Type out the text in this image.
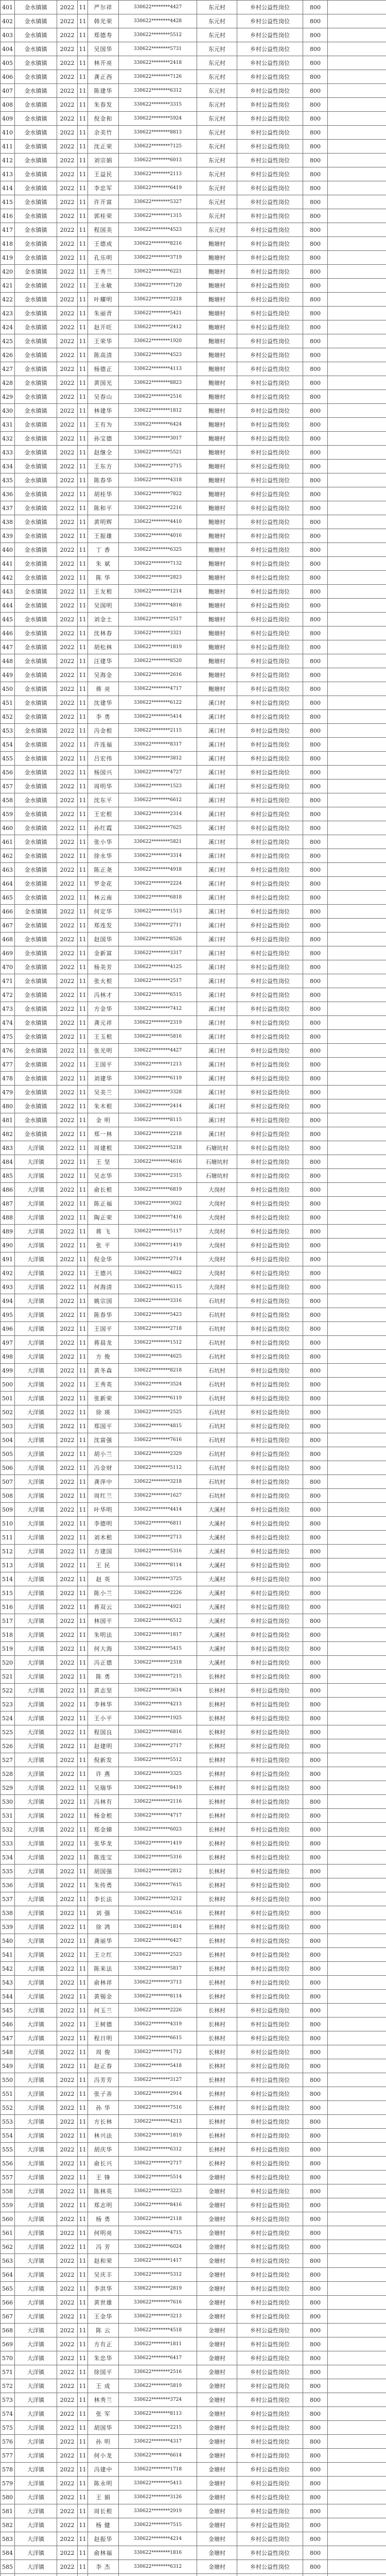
401	金水镇镇	2022	11	严尔祥	330622********4427	东元村	乡村公益性岗位	800	
402	金水镇镇	2022	11	韩光荣	330622********4428	东元村	乡村公益性岗位	800	
403	金水镇镇	2022	11	郑德寿	330622********5512	东元村	乡村公益性岗位	800	
404	金水镇镇	2022	11	吴国华	330622********5731	东元村	乡村公益性岗位	800	
405	金水镇镇	2022	11	林开亮	330622********2418	东元村	乡村公益性岗位	800	
406	金水镇镇	2022	11	龚正西	330622********7126	东元村	乡村公益性岗位	800	
407	金水镇镇	2022	11	陈建华	330622********6312	东元村	乡村公益性岗位	800	
408	金水镇镇	2022	11	朱春发	330622********3315	东元村	乡村公益性岗位	800	
409	金水镇镇	2022	11	倪金和	330622********5924	东元村	乡村公益性岗位	800	
410	金水镇镇	2022	11	余美竹	330622********8813	东元村	乡村公益性岗位	800	
411	金水镇镇	2022	11	沈正荣	330622********7125	东元村	乡村公益性岗位	800	
412	金水镇镇	2022	11	刘宗娟	330622********6013	东元村	乡村公益性岗位	800	
413	金水镇镇	2022	11	王益民	330622********2113	东元村	乡村公益性岗位	800	
414	金水镇镇	2022	11	李忠军	330622********6419	东元村	乡村公益性岗位	800	
415	金水镇镇	2022	11	许开富	330622********5327	东元村	乡村公益性岗位	800	
416	金水镇镇	2022	11	郭桂荣	330622********1315	东元村	乡村公益性岗位	800	
417	金水镇镇	2022	11	程国美	330622********4523	东元村	乡村公益性岗位	800	
418	金水镇镇	2022	11	王德成	330622********8216	鲍塘村	乡村公益性岗位	800	
419	金水镇镇	2022	11	孔乐明	330622********3719	鲍塘村	乡村公益性岗位	800	
420	金水镇镇	2022	11	王秀兰	330622********6221	鲍塘村	乡村公益性岗位	800	
421	金水镇镇	2022	11	王永敏	330622********7120	鲍塘村	乡村公益性岗位	800	
422	金水镇镇	2022	11	叶耀明	330622********2218	鲍塘村	乡村公益性岗位	800	
423	金水镇镇	2022	11	朱丽青	330622********5421	鲍塘村	乡村公益性岗位	800	
424	金水镇镇	2022	11	赵开旺	330622********2412	鲍塘村	乡村公益性岗位	800	
425	金水镇镇	2022	11	王荣华	330622********1920	鲍塘村	乡村公益性岗位	800	
426	金水镇镇	2022	11	陈高清	330622********4523	鲍塘村	乡村公益性岗位	800	
427	金水镇镇	2022	11	杨德正	330622********4113	鲍塘村	乡村公益性岗位	800	
428	金水镇镇	2022	11	黄国光	330622********8823	鲍塘村	乡村公益性岗位	800	
429	金水镇镇	2022	11	吴春山	330622********2516	鲍塘村	乡村公益性岗位	800	
430	金水镇镇	2022	11	林建华	330622********1812	鲍塘村	乡村公益性岗位	800	
431	金水镇镇	2022	11	王有为	330622********6424	鲍塘村	乡村公益性岗位	800	
432	金水镇镇	2022	11	孙宝德	330622********3017	鲍塘村	乡村公益性岗位	800	
433	金水镇镇	2022	11	赵继全	330622********5521	鲍塘村	乡村公益性岗位	800	
434	金水镇镇	2022	11	王东方	330622********2715	鲍塘村	乡村公益性岗位	800	
435	金水镇镇	2022	11	陈春华	330622********4318	鲍塘村	乡村公益性岗位	800	
436	金水镇镇	2022	11	胡桂华	330622********7822	鲍塘村	乡村公益性岗位	800	
437	金水镇镇	2022	11	陈和平	330622********2216	鲍塘村	乡村公益性岗位	800	
438	金水镇镇	2022	11	黄明辉	330622********4410	鲍塘村	乡村公益性岗位	800	
439	金水镇镇	2022	11	王振雄	330622********4016	鲍塘村	乡村公益性岗位	800	
440	金水镇镇	2022	11	丁 香	330622********6325	鲍塘村	乡村公益性岗位	800	
441	金水镇镇	2022	11	朱 斌	330622********7132	鲍塘村	乡村公益性岗位	800	
442	金水镇镇	2022	11	陈 华	330622********2823	鲍塘村	乡村公益性岗位	800	
443	金水镇镇	2022	11	王友根	330622********1214	鲍塘村	乡村公益性岗位	800	
444	金水镇镇	2022	11	吴国明	330622********4816	鲍塘村	乡村公益性岗位	800	
445	金水镇镇	2022	11	刘金土	330622********2517	鲍塘村	乡村公益性岗位	800	
446	金水镇镇	2022	11	沈林春	330622********3321	鲍塘村	乡村公益性岗位	800	
447	金水镇镇	2022	11	胡松林	330622********1819	鲍塘村	乡村公益性岗位	800	
448	金水镇镇	2022	11	汪建华	330622********8520	鲍塘村	乡村公益性岗位	800	
449	金水镇镇	2022	11	吴海金	330622********2616	鲍塘村	乡村公益性岗位	800	
450	金水镇镇	2022	11	蒋 亮	330622********4717	鲍塘村	乡村公益性岗位	800	
451	金水镇镇	2022	11	沈建华	330622********6122	溪口村	乡村公益性岗位	800	
452	金水镇镇	2022	11	李 勇	330622********5414	溪口村	乡村公益性岗位	800	
453	金水镇镇	2022	11	冯金根	330622********2115	溪口村	乡村公益性岗位	800	
454	金水镇镇	2022	11	许连福	330622********8317	溪口村	乡村公益性岗位	800	
455	金水镇镇	2022	11	吕宏伟	330622********3812	溪口村	乡村公益性岗位	800	
456	金水镇镇	2022	11	杨国兴	330622********4727	溪口村	乡村公益性岗位	800	
457	金水镇镇	2022	11	周明华	330622********1523	溪口村	乡村公益性岗位	800	
458	金水镇镇	2022	11	沈东平	330622********6612	溪口村	乡村公益性岗位	800	
459	金水镇镇	2022	11	王宏根	330622********2314	溪口村	乡村公益性岗位	800	
460	金水镇镇	2022	11	孙红霞	330622********7625	溪口村	乡村公益性岗位	800	
461	金水镇镇	2022	11	张小华	330622********5821	溪口村	乡村公益性岗位	800	
462	金水镇镇	2022	11	徐永华	330622********3314	溪口村	乡村公益性岗位	800	
463	金水镇镇	2022	11	陈正尧	330622********4918	溪口村	乡村公益性岗位	800	
464	金水镇镇	2022	11	罗金花	330622********2224	溪口村	乡村公益性岗位	800	
465	金水镇镇	2022	11	林云南	330622********6818	溪口村	乡村公益性岗位	800	
466	金水镇镇	2022	11	何定华	330622********1513	溪口村	乡村公益性岗位	800	
467	金水镇镇	2022	11	郑连发	330622********2711	溪口村	乡村公益性岗位	800	
468	金水镇镇	2022	11	赵国华	330622********8526	溪口村	乡村公益性岗位	800	
469	金水镇镇	2022	11	金新富	330622********3317	溪口村	乡村公益性岗位	800	
470	金水镇镇	2022	11	杨美芳	330622********4125	溪口村	乡村公益性岗位	800	
471	金水镇镇	2022	11	张火根	330622********2517	溪口村	乡村公益性岗位	800	
472	金水镇镇	2022	11	冯林才	330622********6515	溪口村	乡村公益性岗位	800	
473	金水镇镇	2022	11	方金华	330622********7412	溪口村	乡村公益性岗位	800	
474	金水镇镇	2022	11	龚元祥	330622********2319	溪口村	乡村公益性岗位	800	
475	金水镇镇	2022	11	王玉根	330622********5816	溪口村	乡村公益性岗位	800	
476	金水镇镇	2022	11	张光明	330622********4427	溪口村	乡村公益性岗位	800	
477	金水镇镇	2022	11	王国平	330622********1213	溪口村	乡村公益性岗位	800	
478	金水镇镇	2022	11	刘建华	330622********6119	溪口村	乡村公益性岗位	800	
479	金水镇镇	2022	11	吴美兰	330622********3328	溪口村	乡村公益性岗位	800	
480	金水镇镇	2022	11	朱木根	330622********2414	溪口村	乡村公益性岗位	800	
481	金水镇镇	2022	11	金 明	330622********8115	溪口村	乡村公益性岗位	800	
482	金水镇镇	2022	11	郑一林	330622********2218	溪口村	乡村公益性岗位	800	
483	大洋镇	2022	11	周建根	330622********5218	石塘坑村	乡村公益性岗位	800	
484	大洋镇	2022	11	王 坚	330622********4616	石塘坑村	乡村公益性岗位	800	
485	大洋镇	2022	11	吴志华	330622********2315	石塘坑村	乡村公益性岗位	800	
486	大洋镇	2022	11	俞长根	330622********6819	大岗村	乡村公益性岗位	800	
487	大洋镇	2022	11	陈正福	330622********3022	大岗村	乡村公益性岗位	800	
488	大洋镇	2022	11	陶正荣	330622********7416	大岗村	乡村公益性岗位	800	
489	大洋镇	2022	11	蒋 飞	330622********5117	大岗村	乡村公益性岗位	800	
490	大洋镇	2022	11	张 平	330622********1419	大岗村	乡村公益性岗位	800	
491	大洋镇	2022	11	倪金华	330622********2714	大岗村	乡村公益性岗位	800	
492	大洋镇	2022	11	王德兴	330622********4822	大岗村	乡村公益性岗位	800	
493	大洋镇	2022	11	何海清	330622********6115	大岗村	乡村公益性岗位	800	
494	大洋镇	2022	11	姚宗国	330622********3316	石坑村	乡村公益性岗位	800	
495	大洋镇	2022	11	陈春华	330622********5423	石坑村	乡村公益性岗位	800	
496	大洋镇	2022	11	王国平	330622********2718	石坑村	乡村公益性岗位	800	
497	大洋镇	2022	11	蒋晨龙	330622********1512	石坑村	乡村公益性岗位	800	
498	大洋镇	2022	11	方 俊	330622********4625	石坑村	乡村公益性岗位	800	
499	大洋镇	2022	11	黄冬森	330622********8218	石坑村	乡村公益性岗位	800	
500	大洋镇	2022	11	王秀英	330622********3524	石坑村	乡村公益性岗位	800	
501	大洋镇	2022	11	张新荣	330622********6119	石坑村	乡村公益性岗位	800	
502	大洋镇	2022	11	徐 瑛	330622********2525	石坑村	乡村公益性岗位	800	
503	大洋镇	2022	11	郑国平	330622********4815	石坑村	乡村公益性岗位	800	
504	大洋镇	2022	11	沈富强	330622********7616	石坑村	乡村公益性岗位	800	
505	大洋镇	2022	11	胡小兰	330622********2329	石坑村	乡村公益性岗位	800	
506	大洋镇	2022	11	冯金财	330622********5112	石坑村	乡村公益性岗位	800	
507	大洋镇	2022	11	龚萍中	330622********3218	石坑村	乡村公益性岗位	800	
508	大洋镇	2022	11	周红兰	330622********1627	石坑村	乡村公益性岗位	800	
509	大洋镇	2022	11	叶华明	330622********4414	大溪村	乡村公益性岗位	800	
510	大洋镇	2022	11	李德明	330622********6811	大溪村	乡村公益性岗位	800	
511	大洋镇	2022	11	刘木根	330622********2713	大溪村	乡村公益性岗位	800	
512	大洋镇	2022	11	方建国	330622********5316	大溪村	乡村公益性岗位	800	
513	大洋镇	2022	11	王 民	330622********8114	大溪村	乡村公益性岗位	800	
514	大洋镇	2022	11	赵 英	330622********3725	大溪村	乡村公益性岗位	800	
515	大洋镇	2022	11	陈小兰	330622********2226	大溪村	乡村公益性岗位	800	
516	大洋镇	2022	11	蒋双云	330622********4921	大溪村	乡村公益性岗位	800	
517	大洋镇	2022	11	林国平	330622********6512	大溪村	乡村公益性岗位	800	
518	大洋镇	2022	11	朱明法	330622********1817	大溪村	乡村公益性岗位	800	
519	大洋镇	2022	11	何大海	330622********5415	大溪村	乡村公益性岗位	800	
520	大洋镇	2022	11	冯正德	330622********2318	大溪村	乡村公益性岗位	800	
521	大洋镇	2022	11	陈 勇	330622********7215	长林村	乡村公益性岗位	800	
522	大洋镇	2022	11	黄志坚	330622********3614	长林村	乡村公益性岗位	800	
523	大洋镇	2022	11	李林华	330622********4213	长林村	乡村公益性岗位	800	
524	大洋镇	2022	11	王小平	330622********1925	长林村	乡村公益性岗位	800	
525	大洋镇	2022	11	程国良	330622********6816	长林村	乡村公益性岗位	800	
526	大洋镇	2022	11	赵建明	330622********2717	长林村	乡村公益性岗位	800	
527	大洋镇	2022	11	倪新发	330622********5512	长林村	乡村公益性岗位	800	
528	大洋镇	2022	11	许 燕	330622********3325	长林村	乡村公益性岗位	800	
529	大洋镇	2022	11	吴瑞华	330622********8419	长林村	乡村公益性岗位	800	
530	大洋镇	2022	11	冯林有	330622********2116	长林村	乡村公益性岗位	800	
531	大洋镇	2022	11	杨金根	330622********4717	长林村	乡村公益性岗位	800	
532	大洋镇	2022	11	郑金娣	330622********6023	长林村	乡村公益性岗位	800	
533	大洋镇	2022	11	张华龙	330622********1419	长林村	乡村公益性岗位	800	
534	大洋镇	2022	11	陈连宝	330622********5316	长林村	乡村公益性岗位	800	
535	大洋镇	2022	11	胡国强	330622********2812	长林村	乡村公益性岗位	800	
536	大洋镇	2022	11	朱传勇	330622********7615	长林村	乡村公益性岗位	800	
537	大洋镇	2022	11	李长法	330622********3212	长林村	乡村公益性岗位	800	
538	大洋镇	2022	11	刘 强	330622********4516	长林村	乡村公益性岗位	800	
539	大洋镇	2022	11	徐 鸿	330622********1814	长林村	乡村公益性岗位	800	
540	大洋镇	2022	11	龚丽华	330622********6427	长林村	乡村公益性岗位	800	
541	大洋镇	2022	11	王立红	330622********2523	长林村	乡村公益性岗位	800	
542	大洋镇	2022	11	陈来法	330622********5817	长林村	乡村公益性岗位	800	
543	大洋镇	2022	11	俞林祥	330622********3713	长林村	乡村公益性岗位	800	
544	大洋镇	2022	11	黄锡金	330622********8114	长林村	乡村公益性岗位	800	
545	大洋镇	2022	11	何玉兰	330622********2226	长林村	乡村公益性岗位	800	
546	大洋镇	2022	11	王树德	330622********4319	长林村	乡村公益性岗位	800	
547	大洋镇	2022	11	程日明	330622********6615	长林村	乡村公益性岗位	800	
548	大洋镇	2022	11	周 俊	330622********1712	长林村	乡村公益性岗位	800	
549	大洋镇	2022	11	赵正春	330622********5418	长林村	乡村公益性岗位	800	
550	大洋镇	2022	11	冯芳芳	330622********3127	长林村	乡村公益性岗位	800	
551	大洋镇	2022	11	张子善	330622********2914	长林村	乡村公益性岗位	800	
552	大洋镇	2022	11	孙 华	330622********7516	长林村	乡村公益性岗位	800	
553	大洋镇	2022	11	方长林	330622********4213	长林村	乡村公益性岗位	800	
554	大洋镇	2022	11	林兴法	330622********1819	长林村	乡村公益性岗位	800	
555	大洋镇	2022	11	胡庆华	330622********6312	长林村	乡村公益性岗位	800	
556	大洋镇	2022	11	俞长兴	330622********2717	长林村	乡村公益性岗位	800	
557	大洋镇	2022	11	王 锋	330622********5514	金塘村	乡村公益性岗位	800	
558	大洋镇	2022	11	陈林英	330622********3223	金塘村	乡村公益性岗位	800	
559	大洋镇	2022	11	郑志明	330622********8416	金塘村	乡村公益性岗位	800	
560	大洋镇	2022	11	杨 勇	330622********2118	金塘村	乡村公益性岗位	800	
561	大洋镇	2022	11	何明亮	330622********4715	金塘村	乡村公益性岗位	800	
562	大洋镇	2022	11	冯 芳	330622********6024	金塘村	乡村公益性岗位	800	
563	大洋镇	2022	11	赵和荣	330622********1417	金塘村	乡村公益性岗位	800	
564	大洋镇	2022	11	吴庆丰	330622********5312	金塘村	乡村公益性岗位	800	
565	大洋镇	2022	11	李洪华	330622********2819	金塘村	乡村公益性岗位	800	
566	大洋镇	2022	11	黄世雄	330622********7616	金塘村	乡村公益性岗位	800	
567	大洋镇	2022	11	王金华	330622********3213	金塘村	乡村公益性岗位	800	
568	大洋镇	2022	11	陈 云	330622********4518	金塘村	乡村公益性岗位	800	
569	大洋镇	2022	11	方有正	330622********1811	金塘村	乡村公益性岗位	800	
570	大洋镇	2022	11	朱忠华	330622********6417	金塘村	乡村公益性岗位	800	
571	大洋镇	2022	11	徐国平	330622********2516	金塘村	乡村公益性岗位	800	
572	大洋镇	2022	11	王 成	330622********5819	金塘村	乡村公益性岗位	800	
573	大洋镇	2022	11	林秀兰	330622********3724	金塘村	乡村公益性岗位	800	
574	大洋镇	2022	11	张 军	330622********8113	金塘村	乡村公益性岗位	800	
575	大洋镇	2022	11	胡国华	330622********2215	金塘村	乡村公益性岗位	800	
576	大洋镇	2022	11	孙 明	330622********4317	金塘村	乡村公益性岗位	800	
577	大洋镇	2022	11	何小龙	330622********6614	金塘村	乡村公益性岗位	800	
578	大洋镇	2022	11	冯建中	330622********1718	金塘村	乡村公益性岗位	800	
579	大洋镇	2022	11	陈永明	330622********5413	金塘村	乡村公益性岗位	800	
580	大洋镇	2022	11	王 娟	330622********3126	金塘村	乡村公益性岗位	800	
581	大洋镇	2022	11	周长根	330622********2919	金塘村	乡村公益性岗位	800	
582	大洋镇	2022	11	杨 健	330622********7515	金塘村	乡村公益性岗位	800	
583	大洋镇	2022	11	赵振华	330622********4214	金塘村	乡村公益性岗位	800	
584	大洋镇	2022	11	俞林福	330622********1816	金塘村	乡村公益性岗位	800	
585	大洋镇	2022	11	李 杰	330622********6312	金塘村	乡村公益性岗位	800	
